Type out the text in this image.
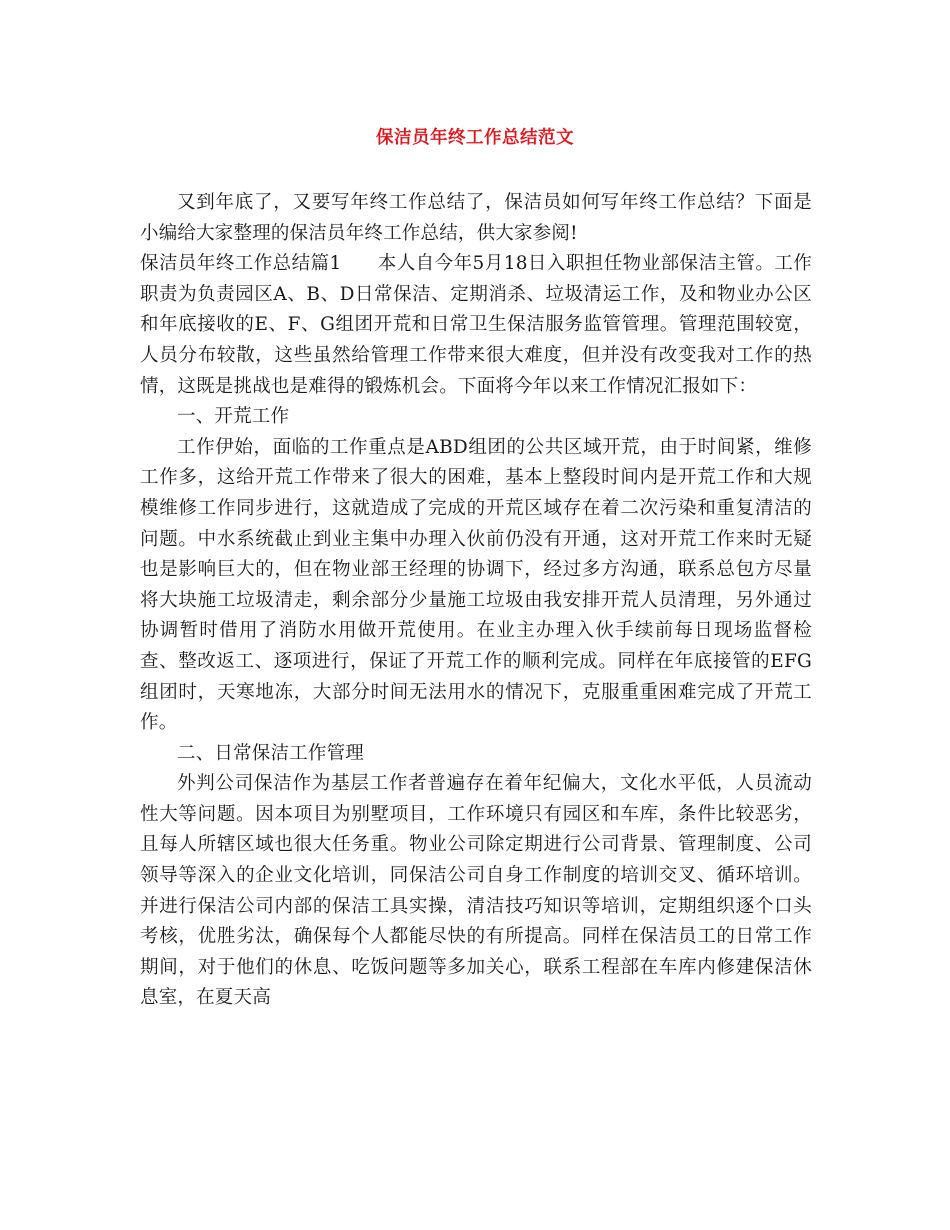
保洁员年终工作总结范文

又到年底了，又要写年终工作总结了，保洁员如何写年终工作总结？下面是小编给大家整理的保洁员年终工作总结，供大家参阅!

保洁员年终工作总结篇1 本人自今年5月18日入职担任物业部保洁主管。工作职责为负责园区A、B、D日常保洁、定期消杀、垃圾清运工作，及和物业办公区和年底接收的E、F、G组团开荒和日常卫生保洁服务监管管理。管理范围较宽，人员分布较散，这些虽然给管理工作带来很大难度，但并没有改变我对工作的热情，这既是挑战也是难得的锻炼机会。下面将今年以来工作情况汇报如下：

一、开荒工作

工作伊始，面临的工作重点是ABD组团的公共区域开荒，由于时间紧，维修工作多，这给开荒工作带来了很大的困难，基本上整段时间内是开荒工作和大规模维修工作同步进行，这就造成了完成的开荒区域存在着二次污染和重复清洁的问题。中水系统截止到业主集中办理入伙前仍没有开通，这对开荒工作来时无疑也是影响巨大的，但在物业部王经理的协调下，经过多方沟通，联系总包方尽量将大块施工垃圾清走，剩余部分少量施工垃圾由我安排开荒人员清理，另外通过协调暂时借用了消防水用做开荒使用。在业主办理入伙手续前每日现场监督检查、整改返工、逐项进行，保证了开荒工作的顺利完成。同样在年底接管的EFG组团时，天寒地冻，大部分时间无法用水的情况下，克服重重困难完成了开荒工作。

二、日常保洁工作管理

外判公司保洁作为基层工作者普遍存在着年纪偏大，文化水平低，人员流动性大等问题。因本项目为别墅项目，工作环境只有园区和车库，条件比较恶劣，且每人所辖区域也很大任务重。物业公司除定期进行公司背景、管理制度、公司领导等深入的企业文化培训，同保洁公司自身工作制度的培训交叉、循环培训。并进行保洁公司内部的保洁工具实操，清洁技巧知识等培训，定期组织逐个口头考核，优胜劣汰，确保每个人都能尽快的有所提高。同样在保洁员工的日常工作期间，对于他们的休息、吃饭问题等多加关心，联系工程部在车库内修建保洁休息室，在夏天高
